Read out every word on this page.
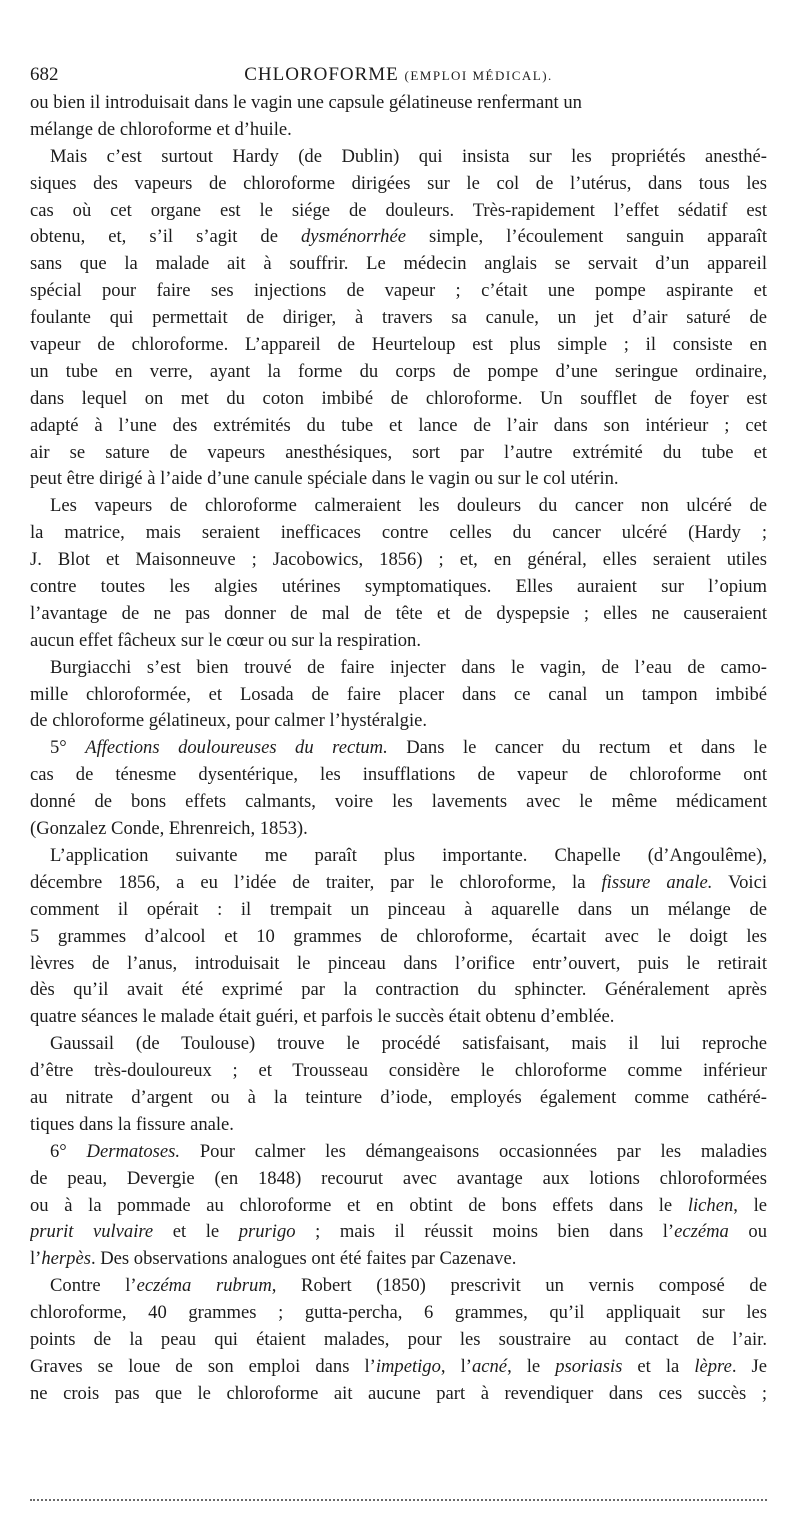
682	CHLOROFORME (EMPLOI MÉDICAL).
ou bien il introduisait dans le vagin une capsule gélatineuse renfermant un
mélange de chloroforme et d’huile.
Mais c’est surtout Hardy (de Dublin) qui insista sur les propriétés anesthé-
siques des vapeurs de chloroforme dirigées sur le col de l’utérus, dans tous les
cas où cet organe est le siége de douleurs. Très-rapidement l’effet sédatif est
obtenu, et, s’il s’agit de dysménorrhée simple, l’écoulement sanguin apparaît
sans que la malade ait à souffrir. Le médecin anglais se servait d’un appareil
spécial pour faire ses injections de vapeur ; c’était une pompe aspirante et
foulante qui permettait de diriger, à travers sa canule, un jet d’air saturé de
vapeur de chloroforme. L’appareil de Heurteloup est plus simple ; il consiste en
un tube en verre, ayant la forme du corps de pompe d’une seringue ordinaire,
dans lequel on met du coton imbibé de chloroforme. Un soufflet de foyer est
adapté à l’une des extrémités du tube et lance de l’air dans son intérieur ; cet
air se sature de vapeurs anesthésiques, sort par l’autre extrémité du tube et
peut être dirigé à l’aide d’une canule spéciale dans le vagin ou sur le col utérin.
Les vapeurs de chloroforme calmeraient les douleurs du cancer non ulcéré de
la matrice, mais seraient inefficaces contre celles du cancer ulcéré (Hardy ;
J. Blot et Maisonneuve ; Jacobowics, 1856) ; et, en général, elles seraient utiles
contre toutes les algies utérines symptomatiques. Elles auraient sur l’opium
l’avantage de ne pas donner de mal de tête et de dyspepsie ; elles ne causeraient
aucun effet fâcheux sur le cœur ou sur la respiration.
Burgiacchi s’est bien trouvé de faire injecter dans le vagin, de l’eau de camo-
mille chloroformée, et Losada de faire placer dans ce canal un tampon imbibé
de chloroforme gélatineux, pour calmer l’hystéralgie.
5° Affections douloureuses du rectum. Dans le cancer du rectum et dans le
cas de ténesme dysentérique, les insufflations de vapeur de chloroforme ont
donné de bons effets calmants, voire les lavements avec le même médicament
(Gonzalez Conde, Ehrenreich, 1853).
L’application suivante me paraît plus importante. Chapelle (d’Angoulême),
décembre 1856, a eu l’idée de traiter, par le chloroforme, la fissure anale. Voici
comment il opérait : il trempait un pinceau à aquarelle dans un mélange de
5 grammes d’alcool et 10 grammes de chloroforme, écartait avec le doigt les
lèvres de l’anus, introduisait le pinceau dans l’orifice entr’ouvert, puis le retirait
dès qu’il avait été exprimé par la contraction du sphincter. Généralement après
quatre séances le malade était guéri, et parfois le succès était obtenu d’emblée.
Gaussail (de Toulouse) trouve le procédé satisfaisant, mais il lui reproche
d’être très-douloureux ; et Trousseau considère le chloroforme comme inférieur
au nitrate d’argent ou à la teinture d’iode, employés également comme cathéré-
tiques dans la fissure anale.
6° Dermatoses. Pour calmer les démangeaisons occasionnées par les maladies
de peau, Devergie (en 1848) recourut avec avantage aux lotions chloroformées
ou à la pommade au chloroforme et en obtint de bons effets dans le lichen, le
prurit vulvaire et le prurigo ; mais il réussit moins bien dans l’eczéma ou
l’herpès. Des observations analogues ont été faites par Cazenave.
Contre l’eczéma rubrum, Robert (1850) prescrivit un vernis composé de
chloroforme, 40 grammes ; gutta-percha, 6 grammes, qu’il appliquait sur les
points de la peau qui étaient malades, pour les soustraire au contact de l’air.
Graves se loue de son emploi dans l’impetigo, l’acné, le psoriasis et la lèpre. Je
ne crois pas que le chloroforme ait aucune part à revendiquer dans ces succès ;
